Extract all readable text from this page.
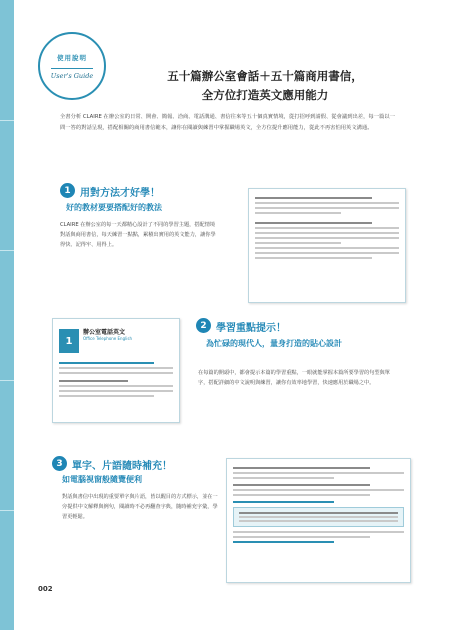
使用說明
User's Guide	五十篇辦公室會話＋五十篇商用書信，
全方位打造英文應用能力
全書分析 CLAIRE 在辦公室的日常、開會、簡報、洽商、電話溝通、書信往來等五十個真實情境，從打招呼到請假、從會議到出差，每一篇以一問一答的對話呈現，搭配相關的商用書信範本，讓你在閱讀與練習中掌握職場英文，全方位提升應用能力，從此不再害怕用英文溝通。
1 用對方法才好學！
好的教材要要搭配好的教法
CLAIRE 在辦公室的每一天都精心設計了不同的學習主題，搭配情境對話與商用書信，每天練習一點點，累積出實用的英文能力，讓你學得快、記得牢、用得上。
1
辦公室電話英文
Office Telephone English
2 學習重點提示！
為忙碌的現代人，量身打造的貼心設計
在每篇的開頭中，都會提示本篇的學習重點，一眼就能掌握本篇所要學習的句型與單字，搭配詳細的中文說明與練習，讓你有效率地學習，快速應用於職場之中。
3 單字、片語隨時補充！
如電腦視窗般隨覽便利
對話與書信中出現的重要單字與片語，皆以醒目的方式標示，並在一旁提供中文解釋與例句，閱讀時不必再翻查字典，隨時補充字彙，學習更輕鬆。
002
